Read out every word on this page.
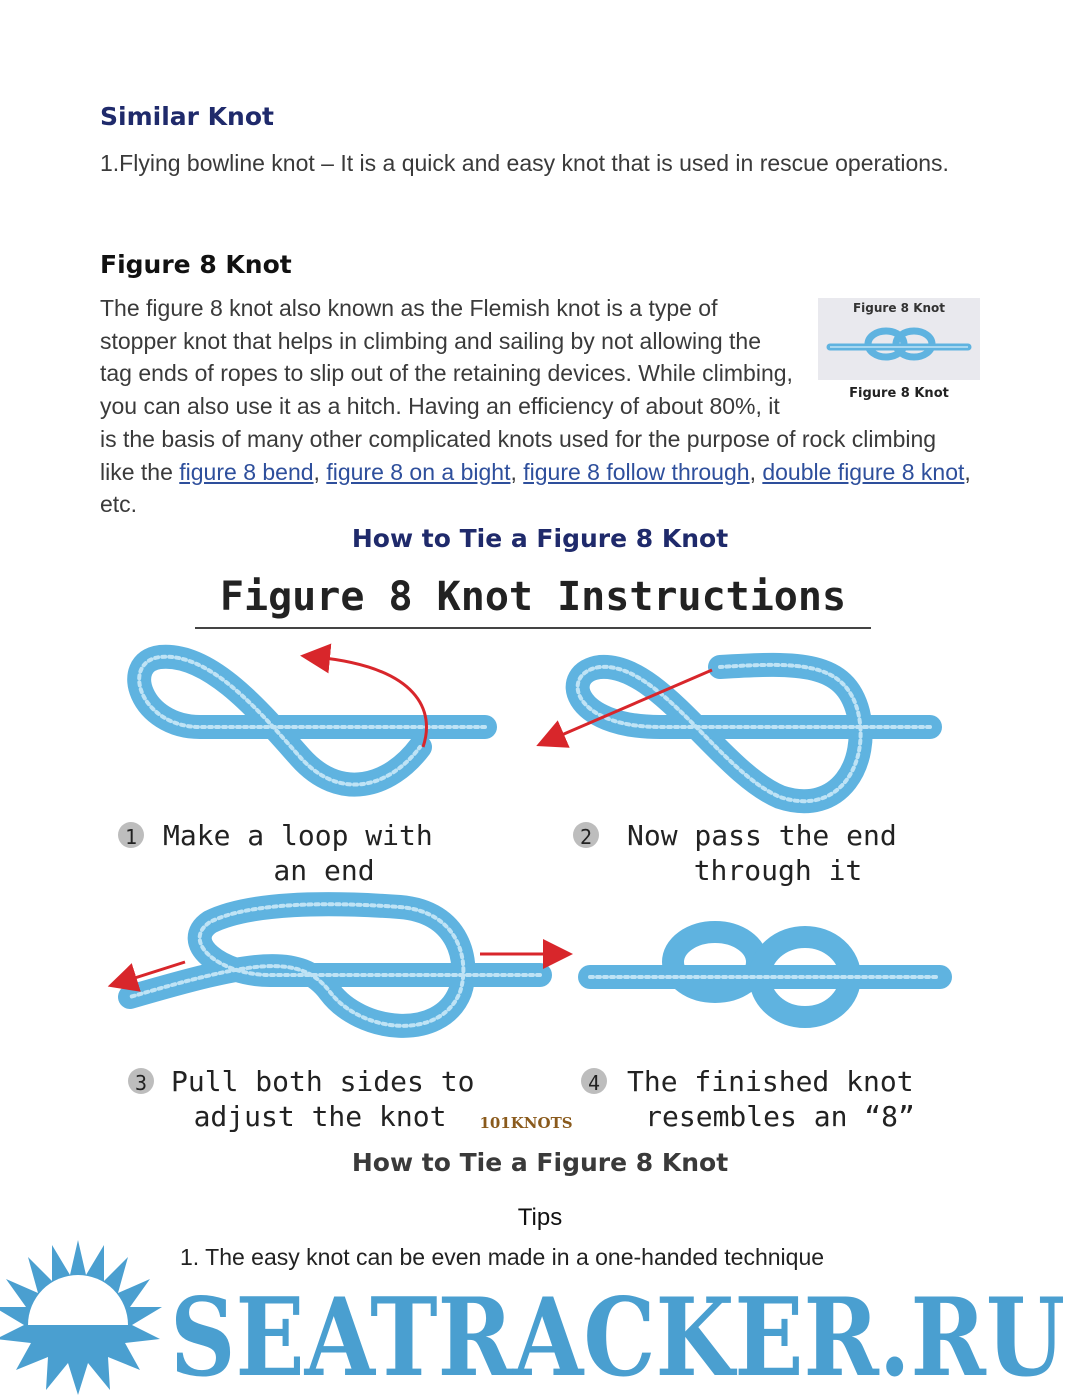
Similar Knot

1.Flying bowline knot – It is a quick and easy knot that is used in rescue operations.

Figure 8 Knot

Figure 8 Knot
Figure 8 Knot
The figure 8 knot also known as the Flemish knot is a type of stopper knot that helps in climbing and sailing by not allowing the tag ends of ropes to slip out of the retaining devices. While climbing, you can also use it as a hitch. Having an efficiency of about 80%, it is the basis of many other complicated knots used for the purpose of rock climbing like the figure 8 bend, figure 8 on a bight, figure 8 follow through, double figure 8 knot, etc.

How to Tie a Figure 8 Knot
Figure 8 Knot Instructions
1 Make a loop with
an end
2 Now pass the end
through it
3 Pull both sides to
adjust the knot
4 The finished knot
resembles an “8”
101KNOTS
How to Tie a Figure 8 Knot
Tips
1. The easy knot can be even made in a one-handed technique
SEATRACKER.RU
